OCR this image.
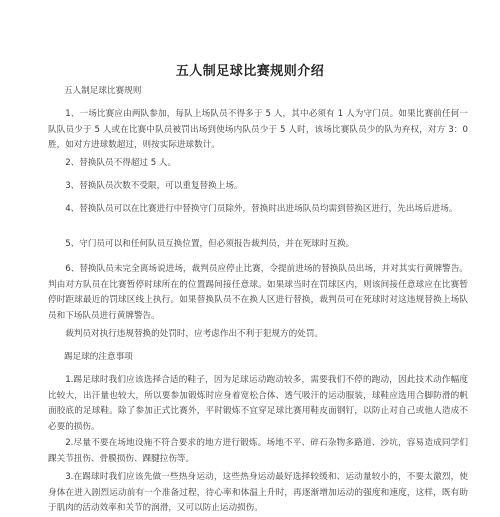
五人制足球比赛规则介绍

五人制足球比赛规则

1、一场比赛应由两队参加，每队上场队员不得多于 5 人，其中必须有 1 人为守门员。如果比赛前任何一队队员少于 5 人或在比赛中队员被罚出场到使场内队员少于 5 人时，该场比赛队员少的队为弃权，对方 3：0 胜，如对方进球数超过，则按实际进球数计。

2、替换队员不得超过 5 人。

3、替换队员次数不受限，可以重复替换上场。

4、替换队员可以在比赛进行中替换守门员除外，替换时出进场队员均需到替换区进行，先出场后进场。

5、守门员可以和任何队员互换位置，但必须报告裁判员，并在死球时互换。

6、替换队员未完全离场说进场，裁判员应停止比赛，令提前进场的替换队员出场，并对其实行黄牌警告。判由对方队员在比赛暂停时球所在的位置踢间接任意球。如果球当时在罚球区内，则该间接任意球应在比赛暂停时距球最近的罚球区线上执行。如果替换队员不在换人区进行替换，裁判员可在死球时对这违规替换上场队员和下场队员进行黄牌警告。

裁判员对执行违规替换的处罚时，应考虑作出不利于犯规方的处罚。

踢足球的注意事项

1.踢足球时我们应该选择合适的鞋子，因为足球运动跑动较多，需要我们不停的跑动，因此技术动作幅度比较大，出汗量也较大，所以要参加锻炼时应身着宽松合体、透气吸汗的运动服装，球鞋应选用合脚防滑的帆面胶底的足球鞋。除了参加正式比赛外，平时锻炼不宜穿足球比赛用鞋皮面钢钉，以防止对自己或他人造成不必要的损伤。

2.尽量不要在场地设施不符合要求的地方进行锻炼。场地不平、碎石杂物多路道、沙坑，容易造成同学们踝关节扭伤、骨膜损伤、踝腱拉伤等。

3.在踢球时我们应该先做一些热身运动，这些热身运动最好选择较缓和、运动量较小的，不要太激烈，使身体在进入剧烈运动前有一个准备过程，待心率和体温上升时，再逐渐增加运动的强度和速度，这样，既有助于肌肉的活动效率和关节的润滑，又可以防止运动损伤。
